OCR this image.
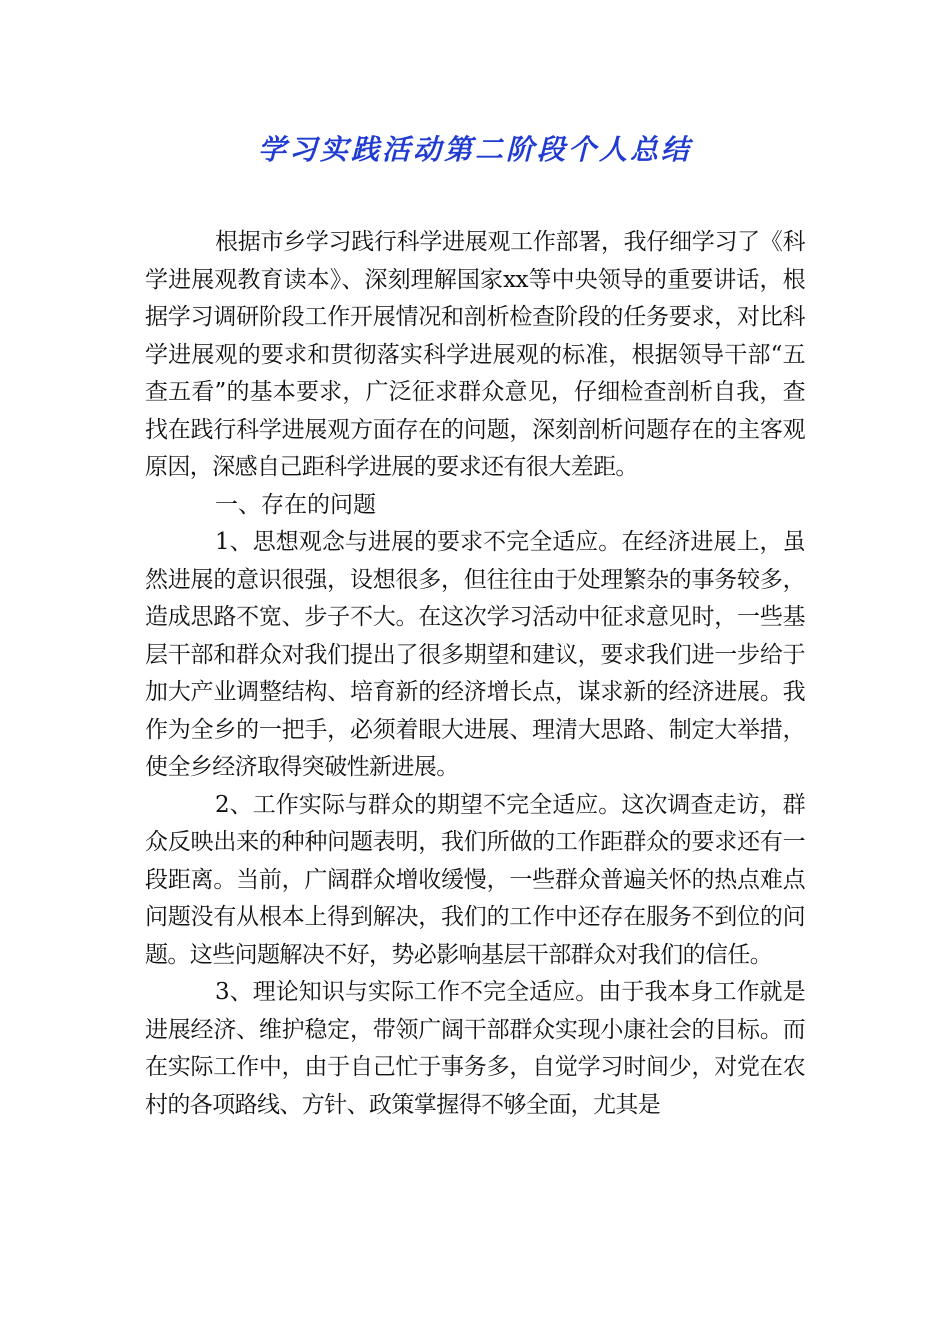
学习实践活动第二阶段个人总结

根据市乡学习践行科学进展观工作部署，我仔细学习了《科学进展观教育读本》、深刻理解国家xx等中央领导的重要讲话，根据学习调研阶段工作开展情况和剖析检查阶段的任务要求，对比科学进展观的要求和贯彻落实科学进展观的标准，根据领导干部“五查五看”的基本要求，广泛征求群众意见，仔细检查剖析自我，查找在践行科学进展观方面存在的问题，深刻剖析问题存在的主客观原因，深感自己距科学进展的要求还有很大差距。

一、存在的问题

1、思想观念与进展的要求不完全适应。在经济进展上，虽然进展的意识很强，设想很多，但往往由于处理繁杂的事务较多，造成思路不宽、步子不大。在这次学习活动中征求意见时，一些基层干部和群众对我们提出了很多期望和建议，要求我们进一步给于加大产业调整结构、培育新的经济增长点，谋求新的经济进展。我作为全乡的一把手，必须着眼大进展、理清大思路、制定大举措，使全乡经济取得突破性新进展。

2、工作实际与群众的期望不完全适应。这次调查走访，群众反映出来的种种问题表明，我们所做的工作距群众的要求还有一段距离。当前，广阔群众增收缓慢，一些群众普遍关怀的热点难点问题没有从根本上得到解决，我们的工作中还存在服务不到位的问题。这些问题解决不好，势必影响基层干部群众对我们的信任。

3、理论知识与实际工作不完全适应。由于我本身工作就是进展经济、维护稳定，带领广阔干部群众实现小康社会的目标。而在实际工作中，由于自己忙于事务多，自觉学习时间少，对党在农村的各项路线、方针、政策掌握得不够全面，尤其是
